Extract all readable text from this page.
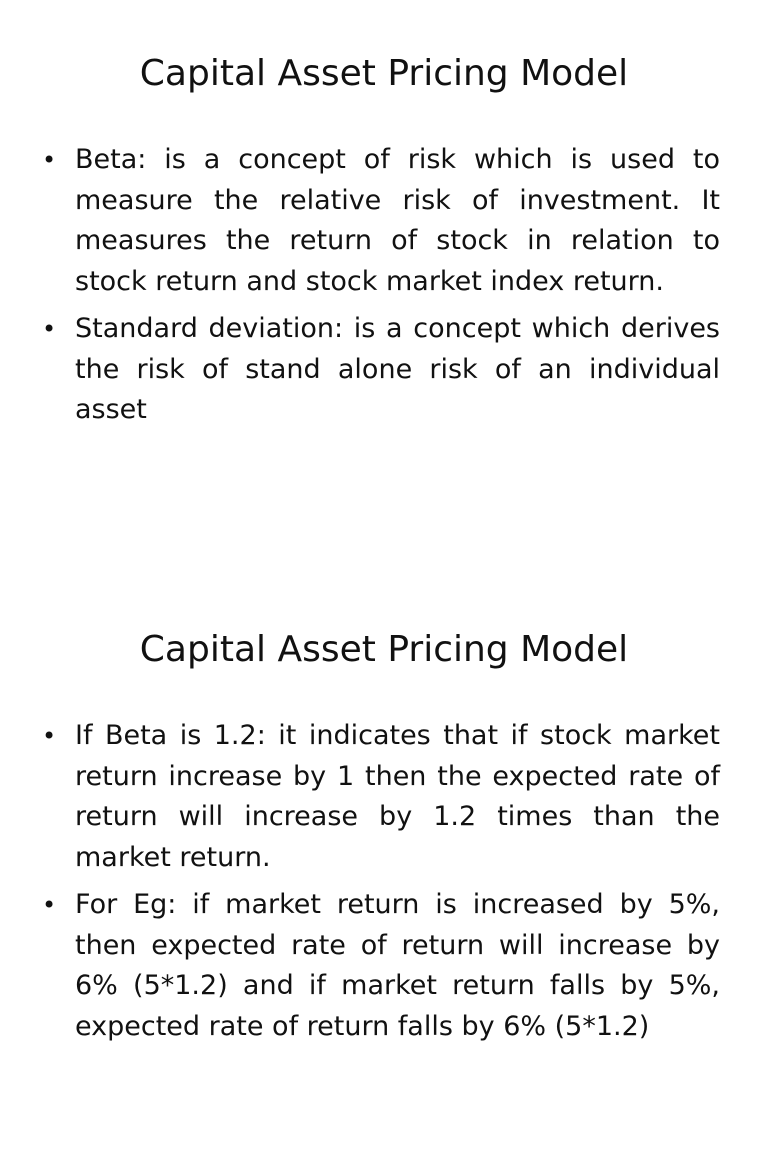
Capital Asset Pricing Model
• Beta: is a concept of risk which is used to measure the relative risk of investment. It measures the return of stock in relation to stock return and stock market index return.
• Standard deviation: is a concept which derives the risk of stand alone risk of an individual asset
Capital Asset Pricing Model
• If Beta is 1.2: it indicates that if stock market return increase by 1 then the expected rate of return will increase by 1.2 times than the market return.
• For Eg: if market return is increased by 5%, then expected rate of return will increase by 6% (5*1.2) and if market return falls by 5%, expected rate of return falls by 6% (5*1.2)
